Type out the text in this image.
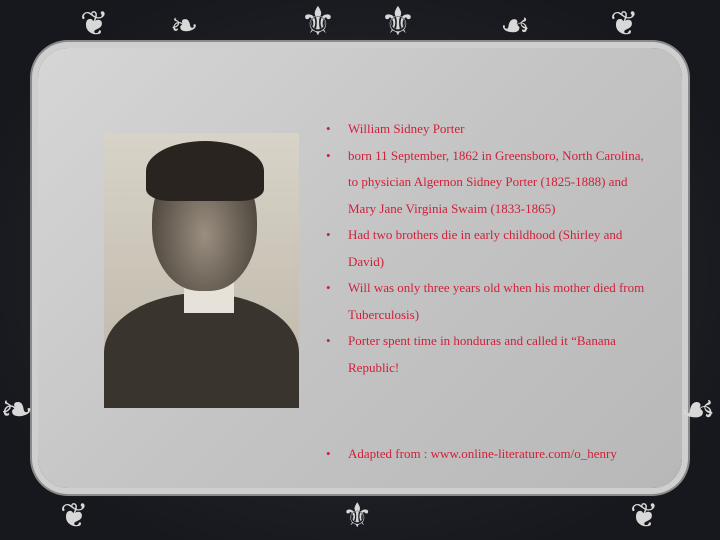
❦ ❧	⚜ ⚜ ☙ ❦
❦	⚜	❦
❧	☙
• William Sidney Porter
• born 11 September, 1862 in Greensboro, North Carolina, to physician Algernon Sidney Porter (1825-1888) and Mary Jane Virginia Swaim (1833-1865)
• Had two brothers die in early childhood (Shirley and David)
• Will was only three years old when his mother died from Tuberculosis)
• Porter spent time in honduras and called it “Banana Republic!
• Adapted from : www.online-literature.com/o_henry
